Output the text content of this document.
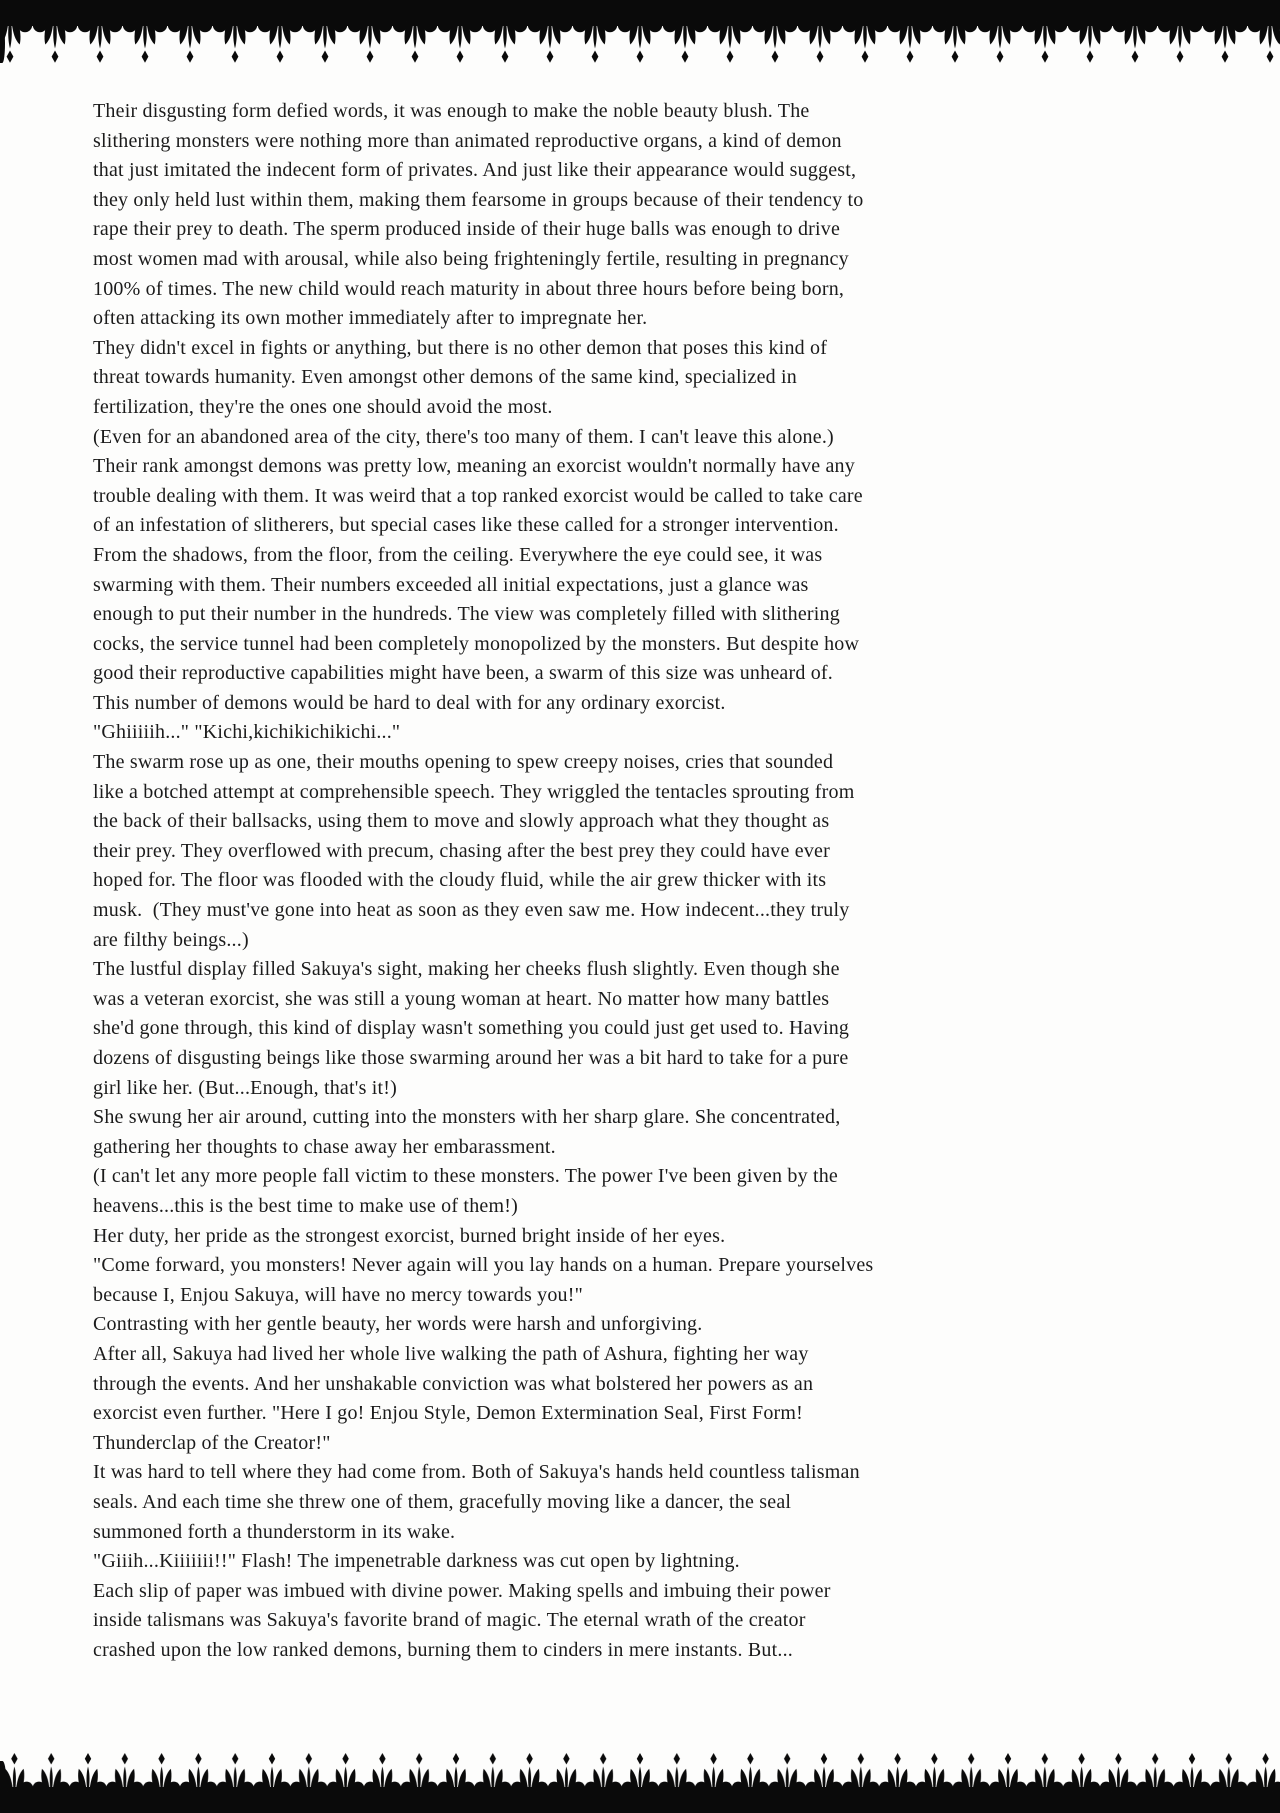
Their disgusting form defied words, it was enough to make the noble beauty blush. The
slithering monsters were nothing more than animated reproductive organs, a kind of demon
that just imitated the indecent form of privates. And just like their appearance would suggest,
they only held lust within them, making them fearsome in groups because of their tendency to
rape their prey to death. The sperm produced inside of their huge balls was enough to drive
most women mad with arousal, while also being frighteningly fertile, resulting in pregnancy
100% of times. The new child would reach maturity in about three hours before being born,
often attacking its own mother immediately after to impregnate her.
They didn't excel in fights or anything, but there is no other demon that poses this kind of
threat towards humanity. Even amongst other demons of the same kind, specialized in
fertilization, they're the ones one should avoid the most.
(Even for an abandoned area of the city, there's too many of them. I can't leave this alone.)
Their rank amongst demons was pretty low, meaning an exorcist wouldn't normally have any
trouble dealing with them. It was weird that a top ranked exorcist would be called to take care
of an infestation of slitherers, but special cases like these called for a stronger intervention.
From the shadows, from the floor, from the ceiling. Everywhere the eye could see, it was
swarming with them. Their numbers exceeded all initial expectations, just a glance was
enough to put their number in the hundreds. The view was completely filled with slithering
cocks, the service tunnel had been completely monopolized by the monsters. But despite how
good their reproductive capabilities might have been, a swarm of this size was unheard of.
This number of demons would be hard to deal with for any ordinary exorcist.
"Ghiiiiih..." "Kichi,kichikichikichi..."
The swarm rose up as one, their mouths opening to spew creepy noises, cries that sounded
like a botched attempt at comprehensible speech. They wriggled the tentacles sprouting from
the back of their ballsacks, using them to move and slowly approach what they thought as
their prey. They overflowed with precum, chasing after the best prey they could have ever
hoped for. The floor was flooded with the cloudy fluid, while the air grew thicker with its
musk.  (They must've gone into heat as soon as they even saw me. How indecent...they truly
are filthy beings...)
The lustful display filled Sakuya's sight, making her cheeks flush slightly. Even though she
was a veteran exorcist, she was still a young woman at heart. No matter how many battles
she'd gone through, this kind of display wasn't something you could just get used to. Having
dozens of disgusting beings like those swarming around her was a bit hard to take for a pure
girl like her. (But...Enough, that's it!)
She swung her air around, cutting into the monsters with her sharp glare. She concentrated,
gathering her thoughts to chase away her embarassment.
(I can't let any more people fall victim to these monsters. The power I've been given by the
heavens...this is the best time to make use of them!)
Her duty, her pride as the strongest exorcist, burned bright inside of her eyes.
"Come forward, you monsters! Never again will you lay hands on a human. Prepare yourselves
because I, Enjou Sakuya, will have no mercy towards you!"
Contrasting with her gentle beauty, her words were harsh and unforgiving.
After all, Sakuya had lived her whole live walking the path of Ashura, fighting her way
through the events. And her unshakable conviction was what bolstered her powers as an
exorcist even further. "Here I go! Enjou Style, Demon Extermination Seal, First Form!
Thunderclap of the Creator!"
It was hard to tell where they had come from. Both of Sakuya's hands held countless talisman
seals. And each time she threw one of them, gracefully moving like a dancer, the seal
summoned forth a thunderstorm in its wake.
"Giiih...Kiiiiiii!!" Flash! The impenetrable darkness was cut open by lightning.
Each slip of paper was imbued with divine power. Making spells and imbuing their power
inside talismans was Sakuya's favorite brand of magic. The eternal wrath of the creator
crashed upon the low ranked demons, burning them to cinders in mere instants. But...
